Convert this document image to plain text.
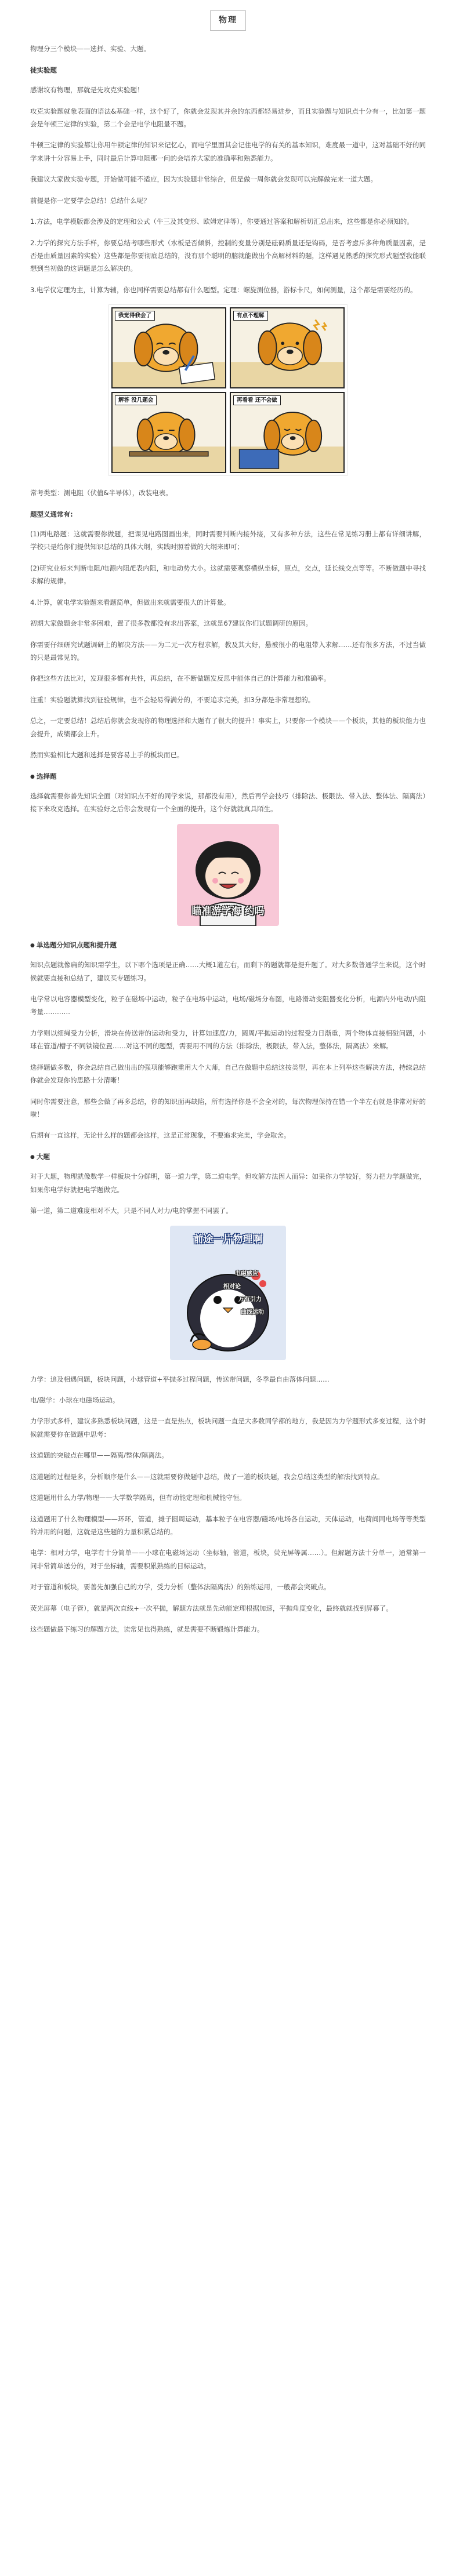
物理

物理分三个模块——选择、实验、大题。

徒实验题

感谢坟有物理，那就是先攻克实验题！

攻克实验题就象表面的语法&基础一样，这个好了，你就会发现其并余的东西都轻易进步，而且实验题与知识点十分有一，比如第一题会是年顿三定律的实验，第二个会是电学电阻量不题。

牛顿三定律的实验都让你用牛顿定律的知识来记忆心，而电学里面其会记住电学的有关的基本知识，难度最一道中，这对基础不好的同学来讲十分容易上手，同时最后计算电阻那一问的会培养大家的准确率和熟悉能力。

我建议大家做实验专题，开始做可能不适应，因为实验题非常综合，但是做一周你就会发现可以完解做完来一道大题。

前提是你一定要学会总结！总结什么呢？

1.方法，电学模版都会涉及的定理和公式（牛三及其变形、欧姆定律等），你要通过答案和解析切汇总出来，这些都是你必须知的。

2.力学的探究方法手样，你要总结考哪些形式（水板是否倾斜，控制的变量分别是砝码质量还是钩码，是否考虑斥多种角质量因素，是否是由质量因素的实验）这些都是你要彻底总结的，没有那个聪明的脑就能做出个高解材料的题，这样遇见熟悉的探究形式题型我能联想到当初做的这请题是怎么解决的。

3.电学仪定理为主，计算为辅，你也同样需要总结都有什么题型。定理：螺旋测位器，游标卡尺，如何测量，这个都是需要经历的。

我觉得我会了	有点不理解
解答 没几题会	再看看 还不会做

常考类型：测电阻（伏值&半导体），改装电表。

题型义通常有:

(1)两电路题：这就需要你做题，把课见电路图画出来，同时需要判断内接外接，又有多种方法，这些在常见练习册上都有详细讲解，学校只是给你们提供知识总结的具体大纲，实践时照着做的大纲来即可；

(2)研究业标来判断电阻/电源内阻/E表内阻，和电动势大小。这就需要观察横纵坐标，原点，交点，延长线交点等等。不断做题中寻找求解的规律。

4.计算，就电学实验题来看题简单，但做出来就需要很大的计算量。

初期大家做题会非常多困难，置了很多教都没有求出答案，这就是67建议你们试题调研的原因。

你需要仔细研究试题调研上的解决方法——为二元一次方程求解，教及其大好，悬被很小的电阻带入求解……还有很多方法，不过当做的只是最常见的。

你把这些方法比对，发现很多都有共性，再总结，在不断做题发反思中能体自己的计算能力和准确率。

注重！实验题就算找到征验规律，也不会轻易得满分的，不要追求完美，扣3分都是非常理想的。

总之，一定要总结！总结后你就会发现你的物理选择和大题有了很大的提升！事实上，只要你一个模块——个板块，其他的板块能力也会提升，成绩都会上升。

然而实验相比大题和选择是要容易上手的板块而已。

● 选择题

选择就需要你善先知识全面（对知识点不好的同学来说，那都没有用），然后再学会技巧（排除法、极限法、带入法、整体法、隔离法）接下来攻克选择。在实验好之后你会发现有一个全面的提升，这个好就就真具陌生。

瞄准游学海 约吗
● 单选题分知识点题和提升题

知识点题就像扁的知识需学生，以下哪个选项是正确……大概1道左右，而剩下的题就都是提升题了。对大多数普通学生来说，这个时候就要直接和总结了，建议买专题练习。

电学常以电容器模型变化，粒子在磁场中运动，粒子在电场中运动，电场/磁场分布图，电路滑动变阻器变化分析，电源内外电动/内阻考量…………

力学则以细绳受力分析，滑块在传送带的运动和受力，计算如速度/力，圆周/平抛运动的过程受力日渐重，两个物体直接相碰问题，小球在管道/槽子不同铁镜位置……对这不同的题型，需要用不同的方法（排除法，极限法，带入法，整体法，隔离法）来解。

选择题做多数，你会总结自己做出出的强项能够跑重用大个大师，自己在做题中总结这按类型，再在本上列举这些解决方法，持续总结你就会发现你的思路十分清晰！

同时你需要注意，那些会做了再多总结，你的知识面再缺陷，所有选择你是不会全对的，每次物理保持在错一个半左右就是非常对好的啦！

后期有一直这样，无论什么样的题都会这样，这是正常现象，不要追求完美，学会取舍。

● 大题

对于大题，物理就像数学一样板块十分鲜明，第一道力学，第二道电学。但攻解方法因人而异：如果你力学较好，努力把力学题做完，如果你电学好就把电学题做完。

第一道，第二道难度相对不大，只是不同人对力/电的掌握不同罢了。

前途一片物理啊
电磁感应
相对论
万有引力
曲线运动

力学：追及相遇问题，板块问题，小球管道+平抛多过程问题，传送带问题，冬季最自由落体问题……

电/磁学：小球在电磁场运动。

力学形式多样，建议多熟悉板块问题，这是一直是热点，板块问题一直是大多数同学都的地方，我是因为力学题形式多变过程，这个时候就需要你在做题中思考：

这道题的突破点在哪里——隔离/整体/隔离法。

这道题的过程是多，分析顺序是什么——这就需要你做题中总结，做了一道的板块题，我会总结这类型的解法找到特点。

这道题用什么力学/物理——大学数学隔离，但有动能定理和机械能守恒。

这道题用了什么物理模型——环环，管道，摊子圆周运动，基本粒子在电容器/磁场/电场各自运动，天体运动，电荷间同电场等等类型的并用的问题，这就是这些题的力量积累总结的。

电学：相对力学，电学有十分简单——小球在电磁场运动（坐标轴，管道，板块，荧光屏等属……）。但解题方法十分单一，通常第一问非常简单送分的，对于坐标轴，需要积累熟练的目标运动。

对于管道和板块，要善先加强自己的力学，受力分析（整体法隔离法）的熟练运用，一般都会突破点。

荧光屏幕（电子管），就是两次直线+一次平抛，解题方法就是先动能定理根据加速，平抛角度变化，最终就就找到屏幕了。

这些题做最下练习的解题方法，读常见也得熟练，就是需要不断锻炼计算能力。
